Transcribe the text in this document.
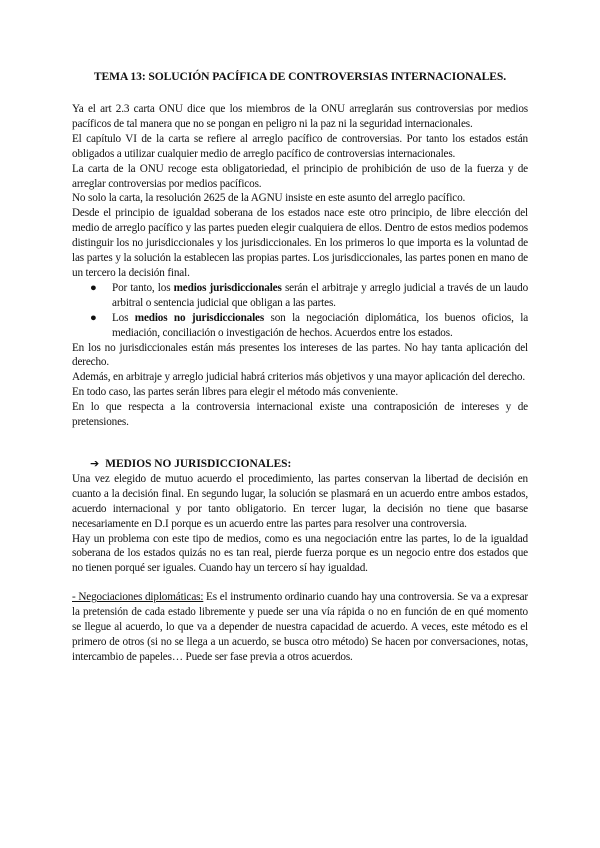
TEMA 13: SOLUCIÓN PACÍFICA DE CONTROVERSIAS INTERNACIONALES.

Ya el art 2.3 carta ONU dice que los miembros de la ONU arreglarán sus controversias por medios pacíficos de tal manera que no se pongan en peligro ni la paz ni la seguridad internacionales.

El capítulo VI de la carta se refiere al arreglo pacífico de controversias. Por tanto los estados están obligados a utilizar cualquier medio de arreglo pacífico de controversias internacionales.

La carta de la ONU recoge esta obligatoriedad, el principio de prohibición de uso de la fuerza y de arreglar controversias por medios pacíficos.

No solo la carta, la resolución 2625 de la AGNU insiste en este asunto del arreglo pacífico.

Desde el principio de igualdad soberana de los estados nace este otro principio, de libre elección del medio de arreglo pacífico y las partes pueden elegir cualquiera de ellos. Dentro de estos medios podemos distinguir los no jurisdiccionales y los jurisdiccionales. En los primeros lo que importa es la voluntad de las partes y la solución la establecen las propias partes. Los jurisdiccionales, las partes ponen en mano de un tercero la decisión final.

● Por tanto, los medios jurisdiccionales serán el arbitraje y arreglo judicial a través de un laudo arbitral o sentencia judicial que obligan a las partes.
● Los medios no jurisdiccionales son la negociación diplomática, los buenos oficios, la mediación, conciliación o investigación de hechos. Acuerdos entre los estados.

En los no jurisdiccionales están más presentes los intereses de las partes. No hay tanta aplicación del derecho.

Además, en arbitraje y arreglo judicial habrá criterios más objetivos y una mayor aplicación del derecho.

En todo caso, las partes serán libres para elegir el método más conveniente.

En lo que respecta a la controversia internacional existe una contraposición de intereses y de pretensiones.

➔ MEDIOS NO JURISDICCIONALES:

Una vez elegido de mutuo acuerdo el procedimiento, las partes conservan la libertad de decisión en cuanto a la decisión final. En segundo lugar, la solución se plasmará en un acuerdo entre ambos estados, acuerdo internacional y por tanto obligatorio. En tercer lugar, la decisión no tiene que basarse necesariamente en D.I porque es un acuerdo entre las partes para resolver una controversia.

Hay un problema con este tipo de medios, como es una negociación entre las partes, lo de la igualdad soberana de los estados quizás no es tan real, pierde fuerza porque es un negocio entre dos estados que no tienen porqué ser iguales. Cuando hay un tercero sí hay igualdad.

- Negociaciones diplomáticas: Es el instrumento ordinario cuando hay una controversia. Se va a expresar la pretensión de cada estado libremente y puede ser una vía rápida o no en función de en qué momento se llegue al acuerdo, lo que va a depender de nuestra capacidad de acuerdo. A veces, este método es el primero de otros (si no se llega a un acuerdo, se busca otro método) Se hacen por conversaciones, notas, intercambio de papeles… Puede ser fase previa a otros acuerdos.
